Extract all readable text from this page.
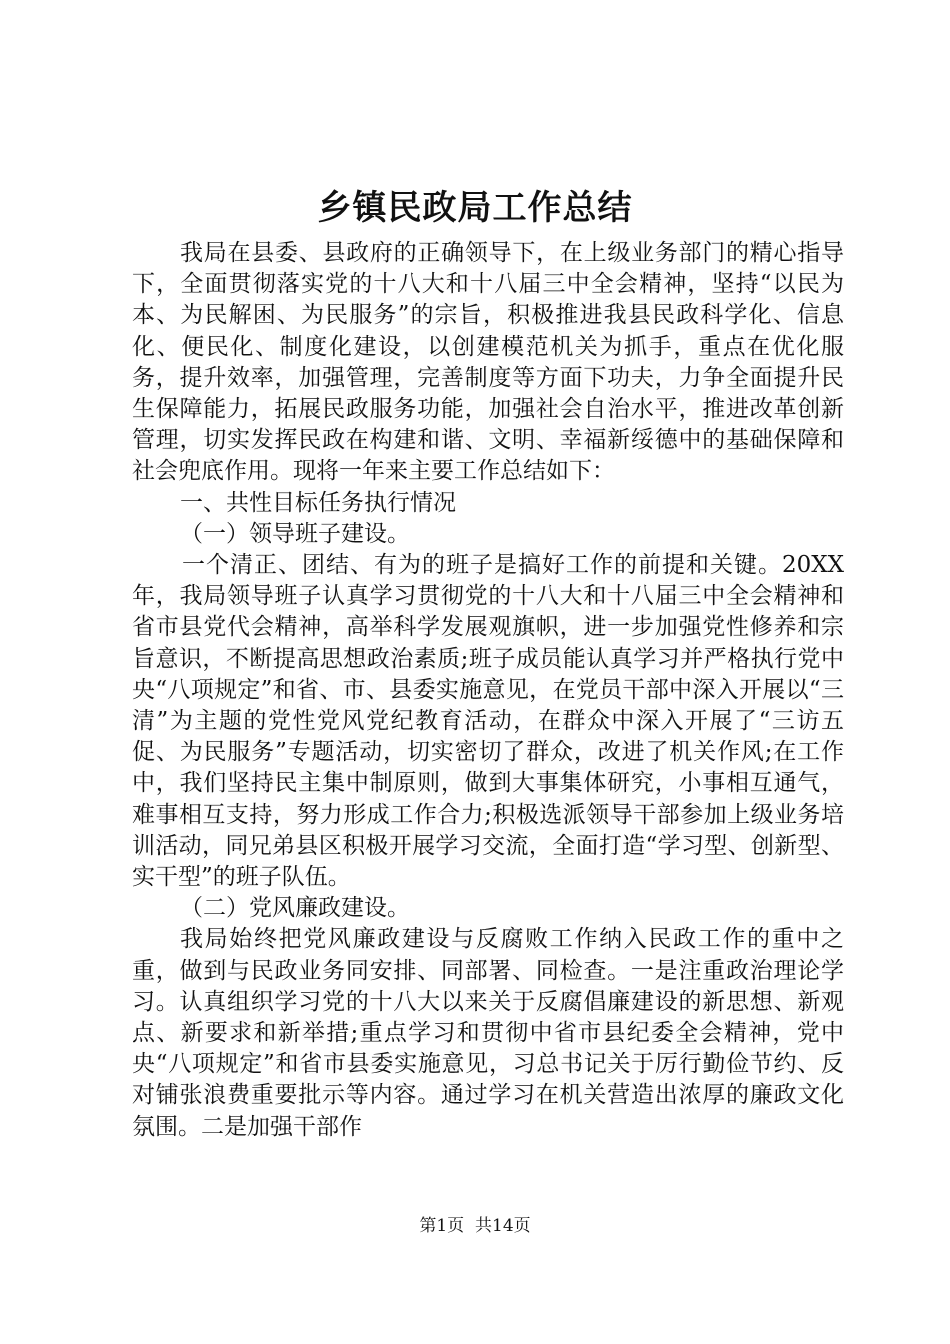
乡镇民政局工作总结

我局在县委、县政府的正确领导下，在上级业务部门的精心指导下，全面贯彻落实党的十八大和十八届三中全会精神，坚持“以民为本、为民解困、为民服务”的宗旨，积极推进我县民政科学化、信息化、便民化、制度化建设，以创建模范机关为抓手，重点在优化服务，提升效率，加强管理，完善制度等方面下功夫，力争全面提升民生保障能力，拓展民政服务功能，加强社会自治水平，推进改革创新管理，切实发挥民政在构建和谐、文明、幸福新绥德中的基础保障和社会兜底作用。现将一年来主要工作总结如下：

一、共性目标任务执行情况

（一）领导班子建设。

一个清正、团结、有为的班子是搞好工作的前提和关键。20XX年，我局领导班子认真学习贯彻党的十八大和十八届三中全会精神和省市县党代会精神，高举科学发展观旗帜，进一步加强党性修养和宗旨意识，不断提高思想政治素质;班子成员能认真学习并严格执行党中央“八项规定”和省、市、县委实施意见，在党员干部中深入开展以“三清”为主题的党性党风党纪教育活动，在群众中深入开展了“三访五促、为民服务”专题活动，切实密切了群众，改进了机关作风;在工作中，我们坚持民主集中制原则，做到大事集体研究，小事相互通气，难事相互支持，努力形成工作合力;积极选派领导干部参加上级业务培训活动，同兄弟县区积极开展学习交流，全面打造“学习型、创新型、实干型”的班子队伍。

（二）党风廉政建设。

我局始终把党风廉政建设与反腐败工作纳入民政工作的重中之重，做到与民政业务同安排、同部署、同检查。一是注重政治理论学习。认真组织学习党的十八大以来关于反腐倡廉建设的新思想、新观点、新要求和新举措;重点学习和贯彻中省市县纪委全会精神，党中央“八项规定”和省市县委实施意见，习总书记关于厉行勤俭节约、反对铺张浪费重要批示等内容。通过学习在机关营造出浓厚的廉政文化氛围。二是加强干部作

第1页 共14页
